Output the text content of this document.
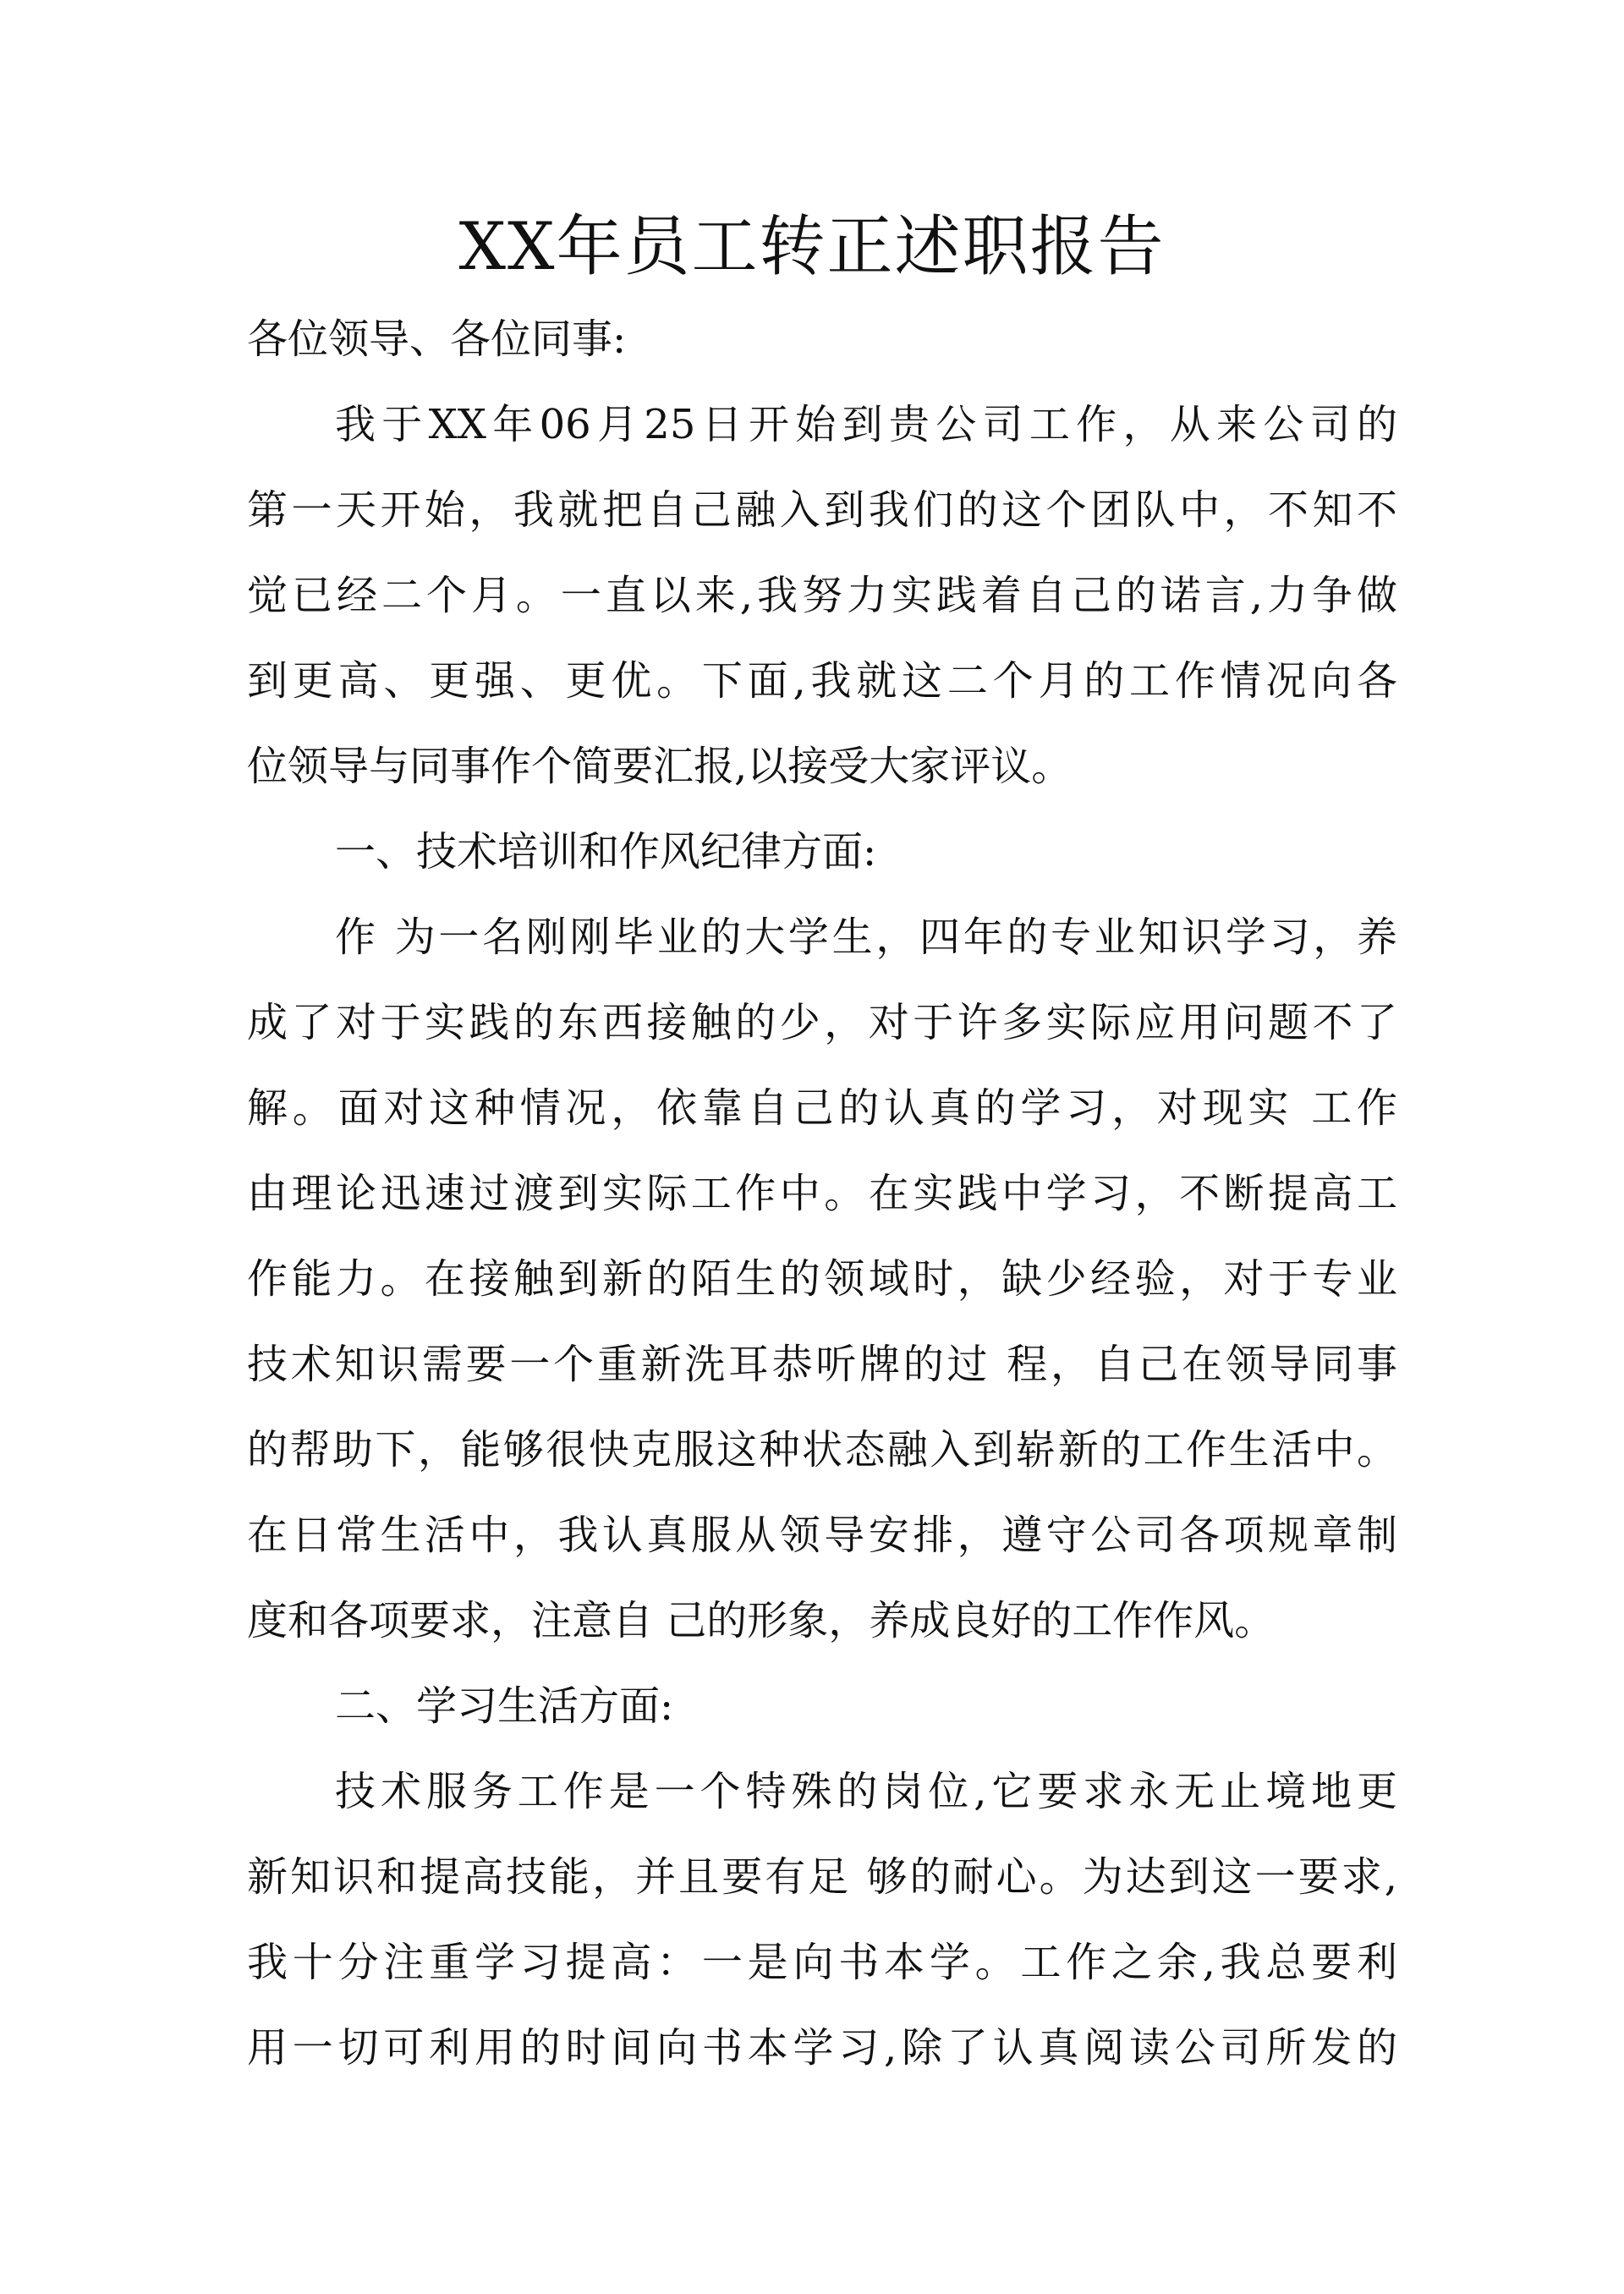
XX年员工转正述职报告

各位领导、各位同事:

我于XX年06月25日开始到贵公司工作，从来公司的

第一天开始，我就把自己融入到我们的这个团队中，不知不

觉已经二个月。一直以来,我努力实践着自己的诺言,力争做

到更高、更强、更优。下面,我就这二个月的工作情况向各

位领导与同事作个简要汇报,以接受大家评议。

一、技术培训和作风纪律方面:

作 为一名刚刚毕业的大学生，四年的专业知识学习，养

成了对于实践的东西接触的少，对于许多实际应用问题不了

解。面对这种情况，依靠自己的认真的学习，对现实 工作

由理论迅速过渡到实际工作中。在实践中学习，不断提高工

作能力。在接触到新的陌生的领域时，缺少经验，对于专业

技术知识需要一个重新洗耳恭听牌的过 程，自己在领导同事

的帮助下，能够很快克服这种状态融入到崭新的工作生活中。

在日常生活中，我认真服从领导安排，遵守公司各项规章制

度和各项要求，注意自 己的形象，养成良好的工作作风。

二、学习生活方面:

技术服务工作是一个特殊的岗位,它要求永无止境地更

新知识和提高技能，并且要有足 够的耐心。为达到这一要求,

我十分注重学习提高：一是向书本学。工作之余,我总要利

用一切可利用的时间向书本学习,除了认真阅读公司所发的
